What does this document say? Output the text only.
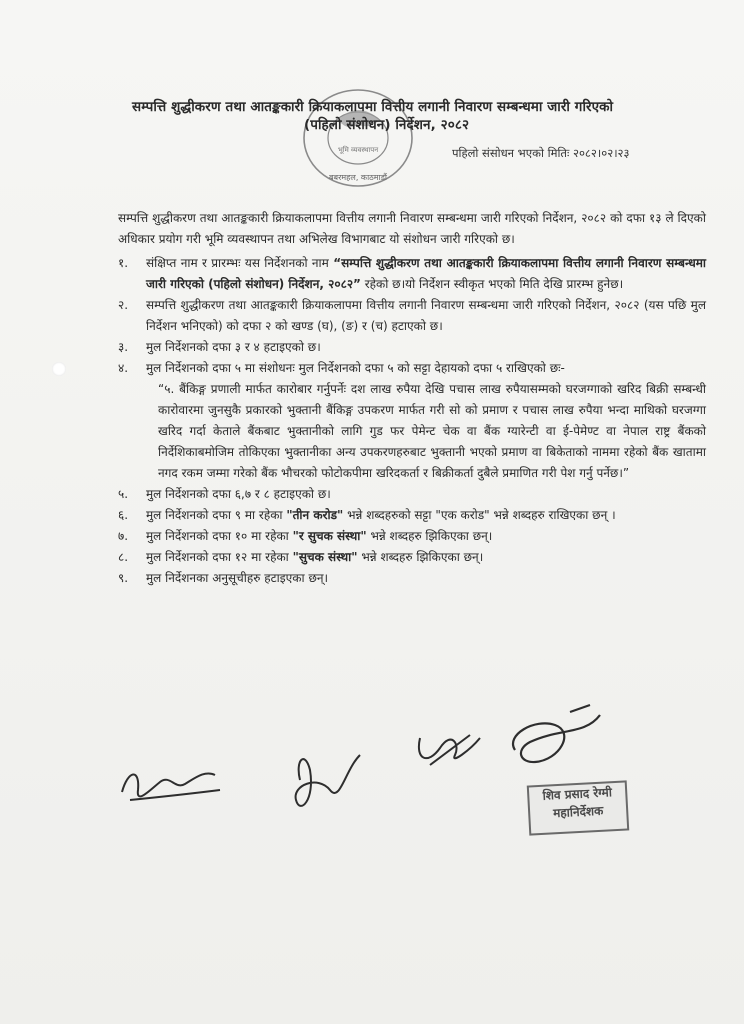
भूमि व्यवस्थापन
बबरमहल, काठमाडौं
सम्पत्ति शुद्धीकरण तथा आतङ्ककारी क्रियाकलापमा वित्तीय लगानी निवारण सम्बन्धमा जारी गरिएको
(पहिलो संशोधन) निर्देशन, २०८२
पहिलो संसोधन भएको मितिः २०८२।०२।२३

सम्पत्ति शुद्धीकरण तथा आतङ्ककारी क्रियाकलापमा वित्तीय लगानी निवारण सम्बन्धमा जारी गरिएको निर्देशन, २०८२ को दफा १३ ले दिएको अधिकार प्रयोग गरी भूमि व्यवस्थापन तथा अभिलेख विभागबाट यो संशोधन जारी गरिएको छ।

१.	संक्षिप्त नाम र प्रारम्भः यस निर्देशनको नाम “सम्पत्ति शुद्धीकरण तथा आतङ्ककारी क्रियाकलापमा वित्तीय लगानी निवारण सम्बन्धमा जारी गरिएको (पहिलो संशोधन) निर्देशन, २०८२” रहेको छ।यो निर्देशन स्वीकृत भएको मिति देखि प्रारम्भ हुनेछ।
२.	सम्पत्ति शुद्धीकरण तथा आतङ्ककारी क्रियाकलापमा वित्तीय लगानी निवारण सम्बन्धमा जारी गरिएको निर्देशन, २०८२ (यस पछि मुल निर्देशन भनिएको) को दफा २ को खण्ड (घ), (ङ) र (च) हटाएको छ।
३.	मुल निर्देशनको दफा ३ र ४ हटाइएको छ।
४.	मुल निर्देशनको दफा ५ मा संशोधनः मुल निर्देशनको दफा ५ को सट्टा देहायको दफा ५ राखिएको छः-

“५. बैंकिङ्ग प्रणाली मार्फत कारोबार गर्नुपर्नेः दश लाख रुपैया देखि पचास लाख रुपैयासम्मको घरजग्गाको खरिद बिक्री सम्बन्धी कारोवारमा जुनसुकै प्रकारको भुक्तानी बैंकिङ्ग उपकरण मार्फत गरी सो को प्रमाण र पचास लाख रुपैया भन्दा माथिको घरजग्गा खरिद गर्दा केताले बैंकबाट भुक्तानीको लागि गुड फर पेमेन्ट चेक वा बैंक ग्यारेन्टी वा ई-पेमेण्ट वा नेपाल राष्ट्र बैंकको निर्देशिकाबमोजिम तोकिएका भुक्तानीका अन्य उपकरणहरुबाट भुक्तानी भएको प्रमाण वा बिकेताको नाममा रहेको बैंक खातामा नगद रकम जम्मा गरेको बैंक भौचरको फोटोकपीमा खरिदकर्ता र बिक्रीकर्ता दुबैले प्रमाणित गरी पेश गर्नु पर्नेछ।”

५.	मुल निर्देशनको दफा ६,७ र ८ हटाइएको छ।
६.	मुल निर्देशनको दफा ९ मा रहेका "तीन करोड" भन्ने शब्दहरुको सट्टा "एक करोड" भन्ने शब्दहरु राखिएका छन् ।
७.	मुल निर्देशनको दफा १० मा रहेका "र सुचक संस्था" भन्ने शब्दहरु झिकिएका छन्।
८.	मुल निर्देशनको दफा १२ मा रहेका "सुचक संस्था" भन्ने शब्दहरु झिकिएका छन्।
९.	मुल निर्देशनका अनुसूचीहरु हटाइएका छन्।
शिव प्रसाद रेग्मी
महानिर्देशक
